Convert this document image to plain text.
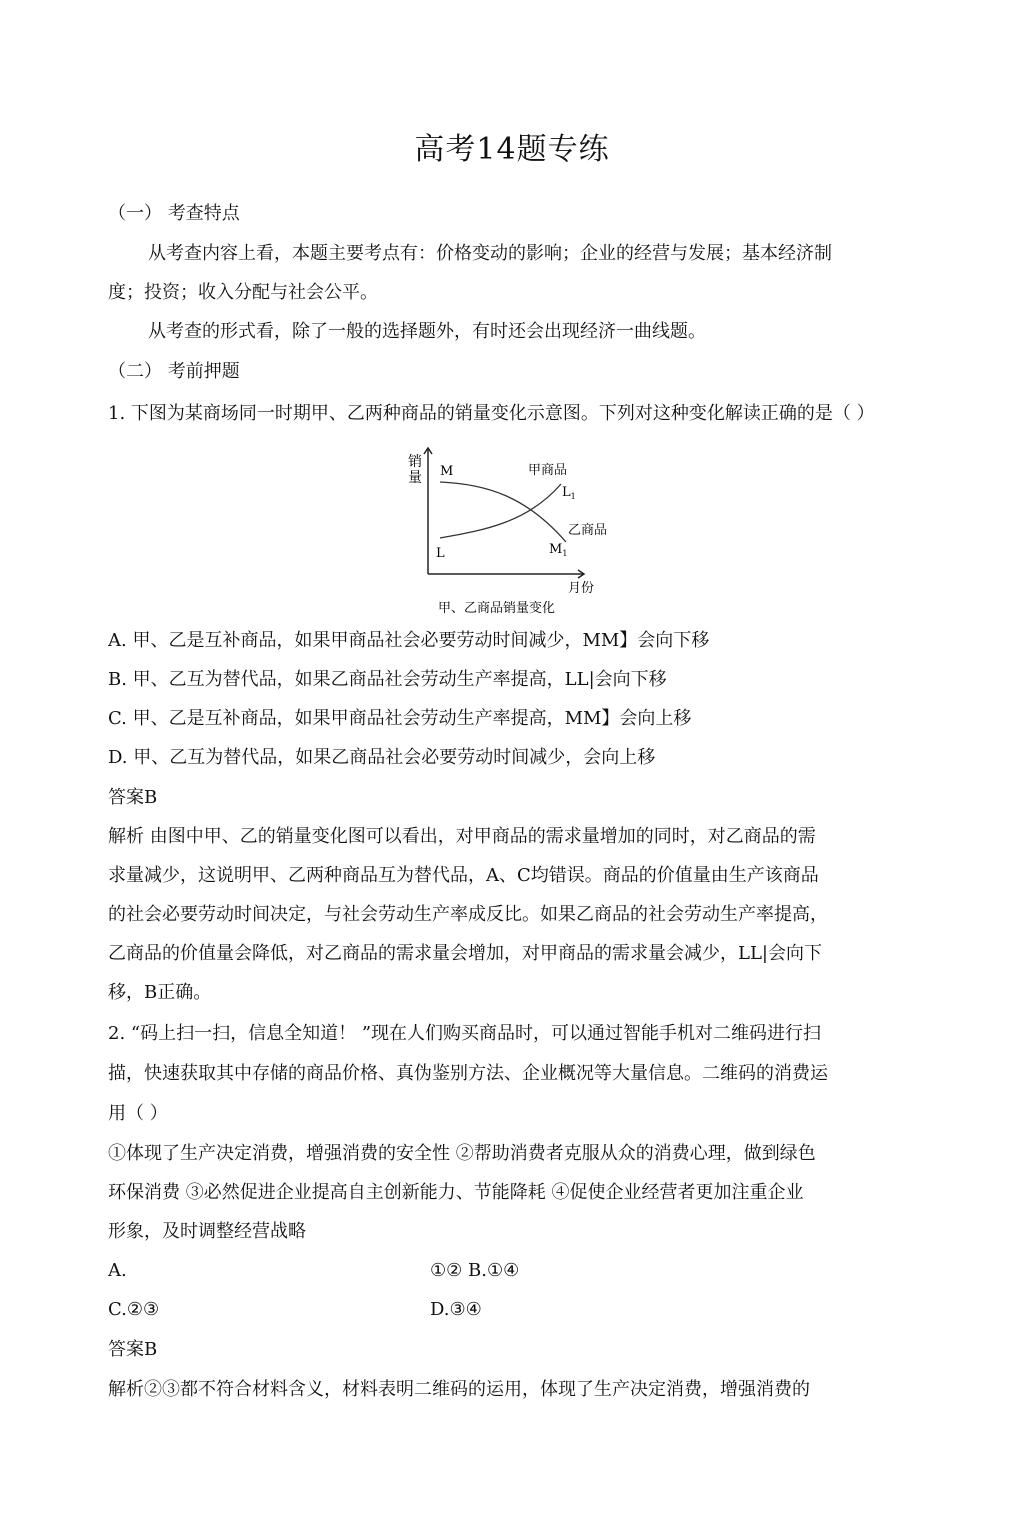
高考14题专练
（一） 考查特点
从考查内容上看，本题主要考点有：价格变动的影响；企业的经营与发展；基本经济制
度；投资；收入分配与社会公平。
从考查的形式看，除了一般的选择题外，有时还会出现经济一曲线题。
（二） 考前押题
1. 下图为某商场同一时期甲、乙两种商品的销量变化示意图。下列对这种变化解读正确的是（ ）
销
量 M
L
$L_1$
$M_1$
甲商品
乙商品
月份
甲、乙商品销量变化
A. 甲、乙是互补商品，如果甲商品社会必要劳动时间减少，MM】会向下移
B. 甲、乙互为替代品，如果乙商品社会劳动生产率提高，LL|会向下移
C. 甲、乙是互补商品，如果甲商品社会劳动生产率提高，MM】会向上移
D. 甲、乙互为替代品，如果乙商品社会必要劳动时间减少，会向上移
答案B
解析 由图中甲、乙的销量变化图可以看出，对甲商品的需求量增加的同时，对乙商品的需
求量减少，这说明甲、乙两种商品互为替代品，A、C均错误。商品的价值量由生产该商品
的社会必要劳动时间决定，与社会劳动生产率成反比。如果乙商品的社会劳动生产率提高，
乙商品的价值量会降低，对乙商品的需求量会增加，对甲商品的需求量会减少，LL|会向下
移，B正确。
2. “码上扫一扫，信息全知道！ ”现在人们购买商品时，可以通过智能手机对二维码进行扫
描，快速获取其中存储的商品价格、真伪鉴别方法、企业概况等大量信息。二维码的消费运
用（ ）
①体现了生产决定消费，增强消费的安全性 ②帮助消费者克服从众的消费心理，做到绿色
环保消费 ③必然促进企业提高自主创新能力、节能降耗 ④促使企业经营者更加注重企业
形象，及时调整经营战略
A.	①② B.①④
C.②③	D.③④
答案B
解析②③都不符合材料含义，材料表明二维码的运用，体现了生产决定消费，增强消费的
